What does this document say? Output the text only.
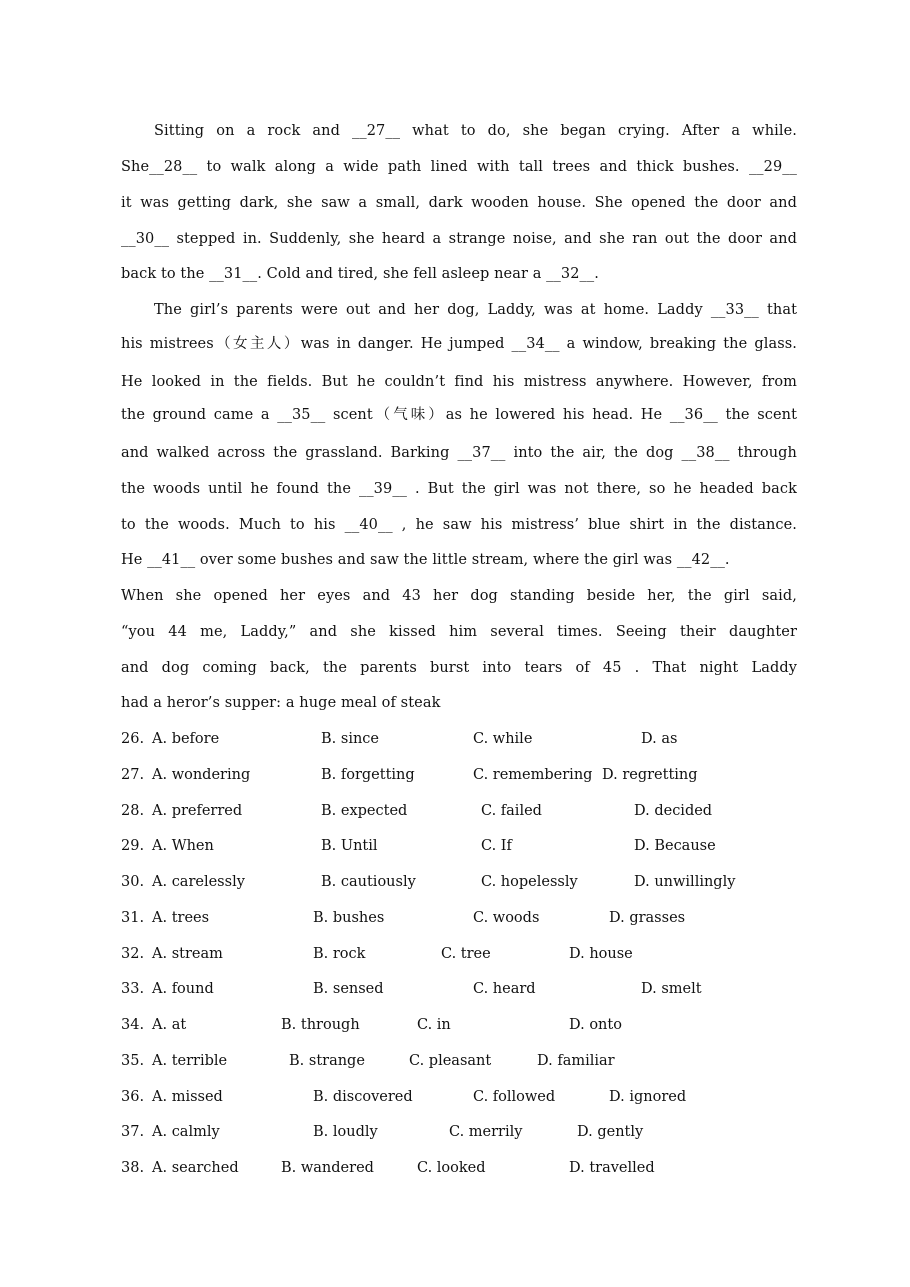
Sitting on a rock and __27__ what to do, she began crying. After a while.
She__28__ to walk along a wide path lined with tall trees and thick bushes. __29__
it was getting dark, she saw a small, dark wooden house. She opened the door and
__30__ stepped in. Suddenly, she heard a strange noise, and she ran out the door and
back to the __31__. Cold and tired, she fell asleep near a __32__.
The girl’s parents were out and her dog, Laddy, was at home. Laddy __33__ that
his mistrees（女主人）was in danger. He jumped __34__ a window, breaking the glass.
He looked in the fields. But he couldn’t find his mistress anywhere. However, from
the ground came a __35__ scent（气味）as he lowered his head. He __36__ the scent
and walked across the grassland. Barking __37__ into the air, the dog __38__ through
the woods until he found the __39__ . But the girl was not there, so he headed back
to the woods. Much to his __40__ , he saw his mistress’ blue shirt in the distance.
He __41__ over some bushes and saw the little stream, where the girl was __42__.
When she opened her eyes and 43 her dog standing beside her, the girl said,
“you 44 me, Laddy,” and she kissed him several times. Seeing their daughter
and dog coming back, the parents burst into tears of 45 . That night Laddy
had a heror’s supper: a huge meal of steak
26. A. before	B. since	C. while	D. as
27. A. wondering	B. forgetting	C. remembering D. regretting
28. A. preferred	B. expected	C. failed	D. decided
29. A. When	B. Until	C. If	D. Because
30. A. carelessly	B. cautiously	C. hopelessly	D. unwillingly
31. A. trees	B. bushes	C. woods	D. grasses
32. A. stream	B. rock	C. tree	D. house
33. A. found	B. sensed	C. heard	D. smelt
34. A. at	B. through	C. in	D. onto
35. A. terrible	B. strange	C. pleasant	D. familiar
36. A. missed	B. discovered	C. followed	D. ignored
37. A. calmly	B. loudly	C. merrily	D. gently
38. A. searched	B. wandered	C. looked	D. travelled
